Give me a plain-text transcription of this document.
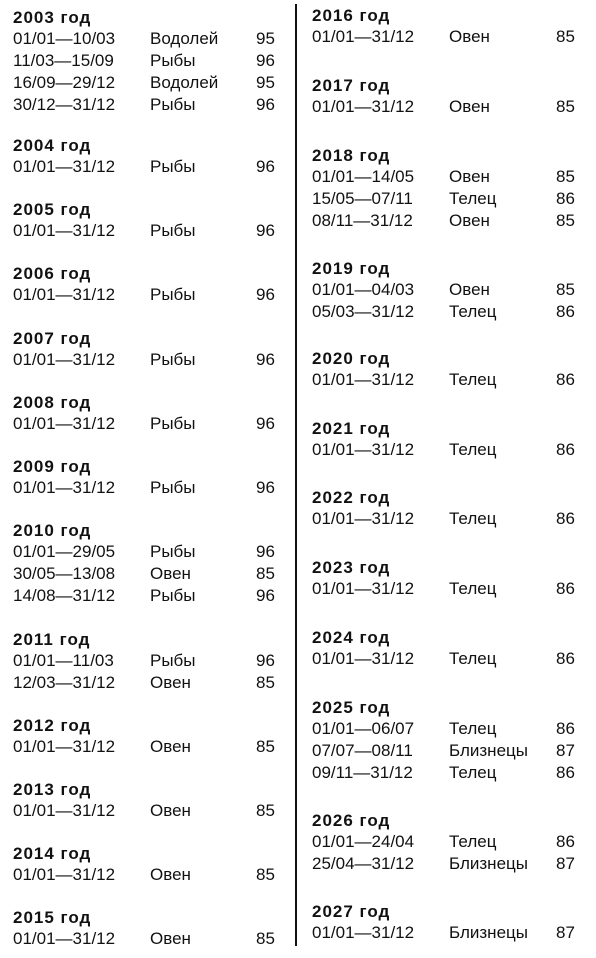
2003 год
01/01—10/03 Водолей 95
11/03—15/09 Рыбы	96
16/09—29/12 Водолей 95
30/12—31/12 Рыбы	96
2004 год
01/01—31/12 Рыбы	96
2005 год
01/01—31/12 Рыбы	96
2006 год
01/01—31/12 Рыбы	96
2007 год
01/01—31/12 Рыбы	96
2008 год
01/01—31/12 Рыбы	96
2009 год
01/01—31/12 Рыбы	96
2010 год
01/01—29/05 Рыбы	96
30/05—13/08 Овен	85
14/08—31/12 Рыбы	96
2011 год
01/01—11/03 Рыбы	96
12/03—31/12 Овен	85
2012 год
01/01—31/12 Овен	85
2013 год
01/01—31/12 Овен	85
2014 год
01/01—31/12 Овен	85
2015 год
01/01—31/12 Овен	85
2016 год
01/01—31/12 Овен	85
2017 год
01/01—31/12 Овен	85
2018 год
01/01—14/05 Овен	85
15/05—07/11 Телец	86
08/11—31/12 Овен	85
2019 год
01/01—04/03 Овен	85
05/03—31/12 Телец	86
2020 год
01/01—31/12 Телец	86
2021 год
01/01—31/12 Телец	86
2022 год
01/01—31/12 Телец	86
2023 год
01/01—31/12 Телец	86
2024 год
01/01—31/12 Телец	86
2025 год
01/01—06/07 Телец	86
07/07—08/11 Близнецы 87
09/11—31/12 Телец	86
2026 год
01/01—24/04 Телец	86
25/04—31/12 Близнецы 87
2027 год
01/01—31/12 Близнецы 87
